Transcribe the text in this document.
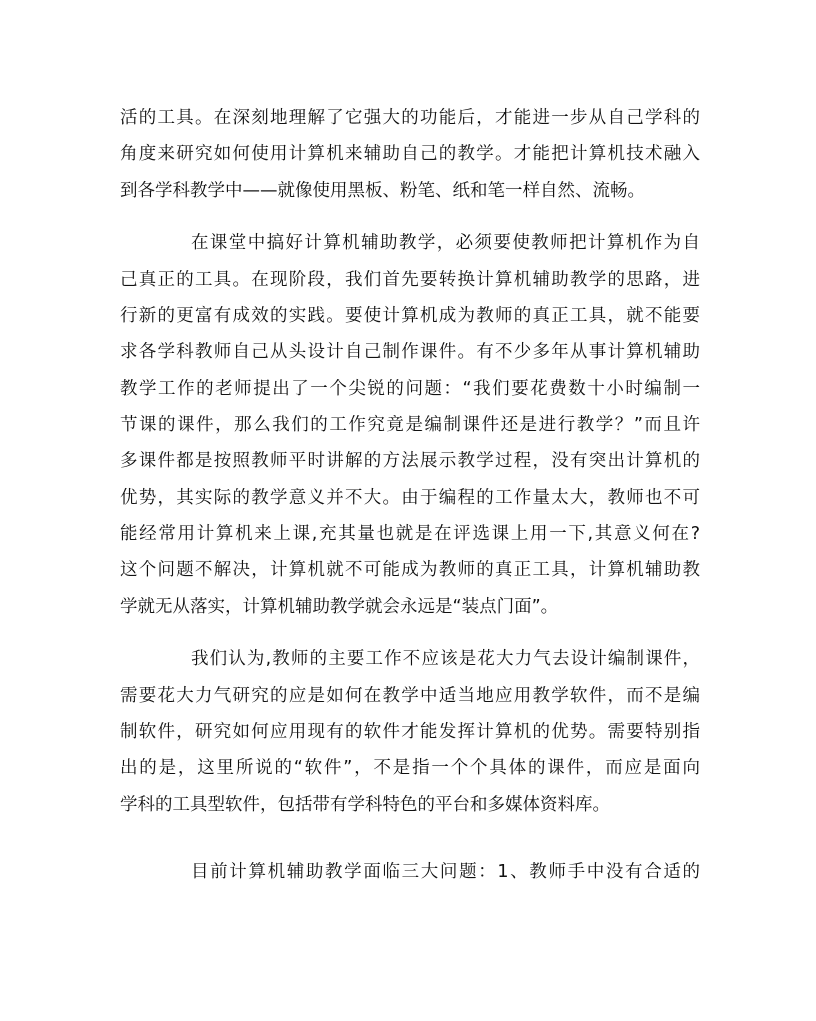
活的工具。在深刻地理解了它强大的功能后，才能进一步从自己学科的
角度来研究如何使用计算机来辅助自己的教学。才能把计算机技术融入
到各学科教学中——就像使用黑板、粉笔、纸和笔一样自然、流畅。
在课堂中搞好计算机辅助教学，必须要使教师把计算机作为自
己真正的工具。在现阶段，我们首先要转换计算机辅助教学的思路，进
行新的更富有成效的实践。要使计算机成为教师的真正工具，就不能要
求各学科教师自己从头设计自己制作课件。有不少多年从事计算机辅助
教学工作的老师提出了一个尖锐的问题：“我们要花费数十小时编制一
节课的课件，那么我们的工作究竟是编制课件还是进行教学？”而且许
多课件都是按照教师平时讲解的方法展示教学过程，没有突出计算机的
优势，其实际的教学意义并不大。由于编程的工作量太大，教师也不可
能经常用计算机来上课,充其量也就是在评选课上用一下,其意义何在?
这个问题不解决，计算机就不可能成为教师的真正工具，计算机辅助教
学就无从落实，计算机辅助教学就会永远是“装点门面”。
我们认为,教师的主要工作不应该是花大力气去设计编制课件，
需要花大力气研究的应是如何在教学中适当地应用教学软件，而不是编
制软件，研究如何应用现有的软件才能发挥计算机的优势。需要特别指
出的是，这里所说的“软件”，不是指一个个具体的课件，而应是面向
学科的工具型软件，包括带有学科特色的平台和多媒体资料库。
目前计算机辅助教学面临三大问题：1、教师手中没有合适的
